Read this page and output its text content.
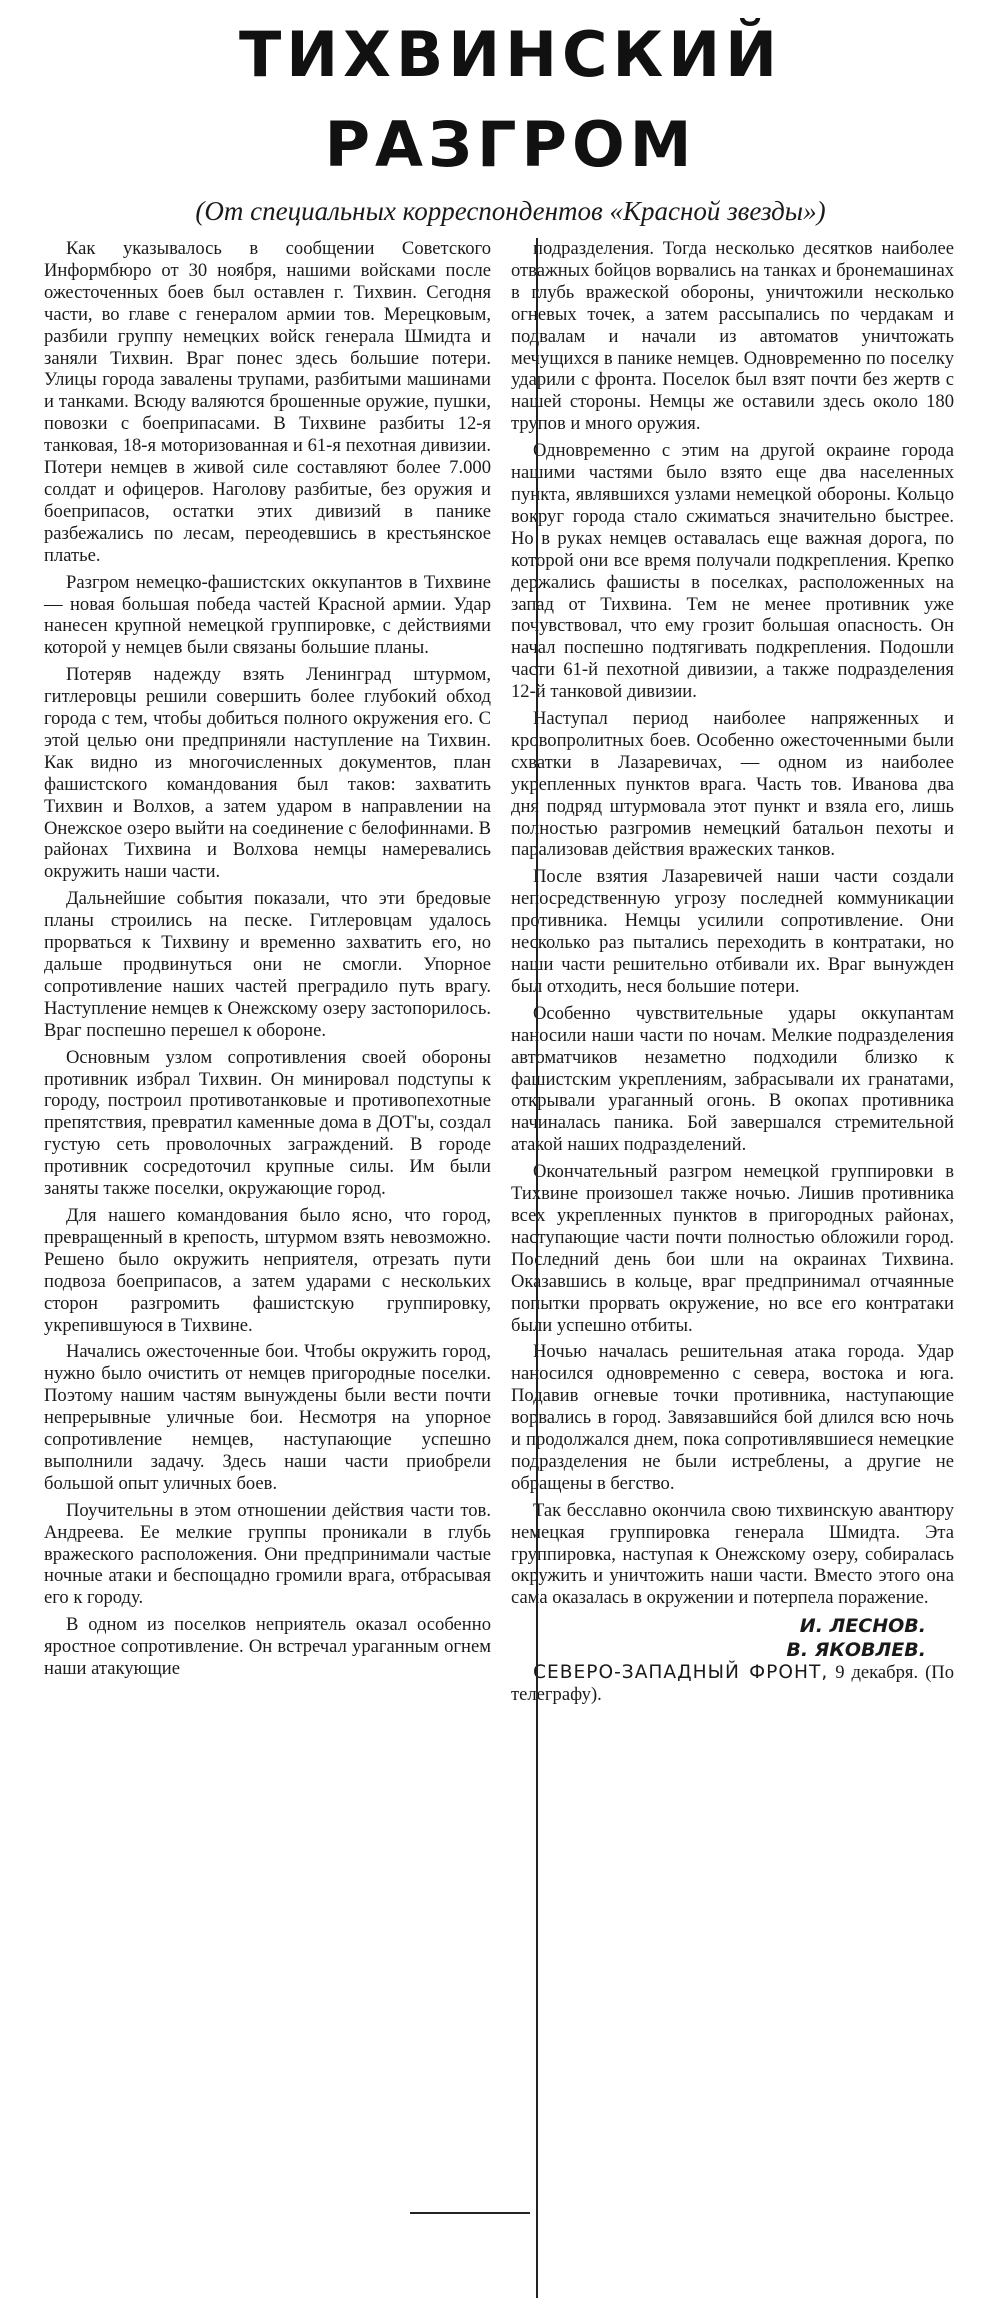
ТИХВИНСКИЙ РАЗГРОМ
(От специальных корреспондентов «Красной звезды»)

Как указывалось в сообщении Советского Информбюро от 30 ноября, нашими войсками после ожесточенных боев был оставлен г. Тихвин. Сегодня части, во главе с генералом армии тов. Мерецковым, разбили группу немецких войск генерала Шмидта и заняли Тихвин. Враг понес здесь большие потери. Улицы города завалены трупами, разбитыми машинами и танками. Всюду валяются брошенные оружие, пушки, повозки с боеприпасами. В Тихвине разбиты 12-я танковая, 18-я моторизованная и 61-я пехотная дивизии. Потери немцев в живой силе составляют более 7.000 солдат и офицеров. Наголову разбитые, без оружия и боеприпасов, остатки этих дивизий в панике разбежались по лесам, переодевшись в крестьянское платье.

Разгром немецко-фашистских оккупантов в Тихвине — новая большая победа частей Красной армии. Удар нанесен крупной немецкой группировке, с действиями которой у немцев были связаны большие планы.

Потеряв надежду взять Ленинград штурмом, гитлеровцы решили совершить более глубокий обход города с тем, чтобы добиться полного окружения его. С этой целью они предприняли наступление на Тихвин. Как видно из многочисленных документов, план фашистского командования был таков: захватить Тихвин и Волхов, а затем ударом в направлении на Онежское озеро выйти на соединение с белофиннами. В районах Тихвина и Волхова немцы намеревались окружить наши части.

Дальнейшие события показали, что эти бредовые планы строились на песке. Гитлеровцам удалось прорваться к Тихвину и временно захватить его, но дальше продвинуться они не смогли. Упорное сопротивление наших частей преградило путь врагу. Наступление немцев к Онежскому озеру застопорилось. Враг поспешно перешел к обороне.

Основным узлом сопротивления своей обороны противник избрал Тихвин. Он минировал подступы к городу, построил противотанковые и противопехотные препятствия, превратил каменные дома в ДОТ'ы, создал густую сеть проволочных заграждений. В городе противник сосредоточил крупные силы. Им были заняты также поселки, окружающие город.

Для нашего командования было ясно, что город, превращенный в крепость, штурмом взять невозможно. Решено было окружить неприятеля, отрезать пути подвоза боеприпасов, а затем ударами с нескольких сторон разгромить фашистскую группировку, укрепившуюся в Тихвине.

Начались ожесточенные бои. Чтобы окружить город, нужно было очистить от немцев пригородные поселки. Поэтому нашим частям вынуждены были вести почти непрерывные уличные бои. Несмотря на упорное сопротивление немцев, наступающие успешно выполнили задачу. Здесь наши части приобрели большой опыт уличных боев.

Поучительны в этом отношении действия части тов. Андреева. Ее мелкие группы проникали в глубь вражеского расположения. Они предпринимали частые ночные атаки и беспощадно громили врага, отбрасывая его к городу.

В одном из поселков неприятель оказал особенно яростное сопротивление. Он встречал ураганным огнем наши атакующие

подразделения. Тогда несколько десятков наиболее отважных бойцов ворвались на танках и бронемашинах в глубь вражеской обороны, уничтожили несколько огневых точек, а затем рассыпались по чердакам и подвалам и начали из автоматов уничтожать мечущихся в панике немцев. Одновременно по поселку ударили с фронта. Поселок был взят почти без жертв с нашей стороны. Немцы же оставили здесь около 180 трупов и много оружия.

Одновременно с этим на другой окраине города нашими частями было взято еще два населенных пункта, являвшихся узлами немецкой обороны. Кольцо вокруг города стало сжиматься значительно быстрее. Но в руках немцев оставалась еще важная дорога, по которой они все время получали подкрепления. Крепко держались фашисты в поселках, расположенных на запад от Тихвина. Тем не менее противник уже почувствовал, что ему грозит большая опасность. Он начал поспешно подтягивать подкрепления. Подошли части 61-й пехотной дивизии, а также подразделения 12-й танковой дивизии.

Наступал период наиболее напряженных и кровопролитных боев. Особенно ожесточенными были схватки в Лазаревичах, — одном из наиболее укрепленных пунктов врага. Часть тов. Иванова два дня подряд штурмовала этот пункт и взяла его, лишь полностью разгромив немецкий батальон пехоты и парализовав действия вражеских танков.

После взятия Лазаревичей наши части создали непосредственную угрозу последней коммуникации противника. Немцы усилили сопротивление. Они несколько раз пытались переходить в контратаки, но наши части решительно отбивали их. Враг вынужден был отходить, неся большие потери.

Особенно чувствительные удары оккупантам наносили наши части по ночам. Мелкие подразделения автоматчиков незаметно подходили близко к фашистским укреплениям, забрасывали их гранатами, открывали ураганный огонь. В окопах противника начиналась паника. Бой завершался стремительной атакой наших подразделений.

Окончательный разгром немецкой группировки в Тихвине произошел также ночью. Лишив противника всех укрепленных пунктов в пригородных районах, наступающие части почти полностью обложили город. Последний день бои шли на окраинах Тихвина. Оказавшись в кольце, враг предпринимал отчаянные попытки прорвать окружение, но все его контратаки были успешно отбиты.

Ночью началась решительная атака города. Удар наносился одновременно с севера, востока и юга. Подавив огневые точки противника, наступающие ворвались в город. Завязавшийся бой длился всю ночь и продолжался днем, пока сопротивлявшиеся немецкие подразделения не были истреблены, а другие не обращены в бегство.

Так бесславно окончила свою тихвинскую авантюру немецкая группировка генерала Шмидта. Эта группировка, наступая к Онежскому озеру, собиралась окружить и уничтожить наши части. Вместо этого она сама оказалась в окружении и потерпела поражение.

И. ЛЕСНОВ.
В. ЯКОВЛЕВ.

СЕВЕРО-ЗАПАДНЫЙ ФРОНТ, 9 декабря. (По телеграфу).
